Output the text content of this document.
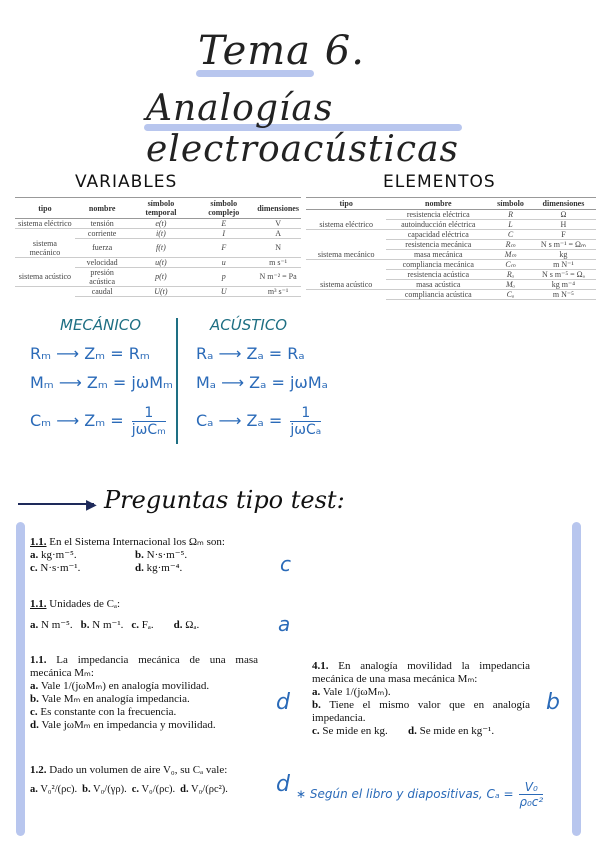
Tema 6.
Analogías electroacústicas
VARIABLES
tipo	nombre	símbolo temporal	símbolo complejo	dimensiones
sistema eléctrico	tensión	e(t)	E	V
	corriente	i(t)	I	A
sistema mecánico	fuerza	f(t)	F	N
	velocidad	u(t)	u	m s⁻¹
sistema acústico	presión acústica	p(t)	p	N m⁻² = Pa
	caudal	U(t)	U	m³ s⁻¹
ELEMENTOS
tipo	nombre	símbolo	dimensiones
	resistencia eléctrica	R	Ω
sistema eléctrico	autoinducción eléctrica	L	H
	capacidad eléctrica	C	F
	resistencia mecánica	Rₘ	N s m⁻¹ = Ωₘ
sistema mecánico	masa mecánica	Mₘ	kg
	compliancia mecánica	Cₘ	m N⁻¹
	resistencia acústica	Rₐ	N s m⁻⁵ = Ωₐ
sistema acústico	masa acústica	Mₐ	kg m⁻⁴
	compliancia acústica	Cₐ	m N⁻⁵
MECÁNICO	ACÚSTICO
Rₘ ⟶ Zₘ = Rₘ
Mₘ ⟶ Zₘ = jωMₘ
Cₘ ⟶ Zₘ =	1
jωCₘ
Rₐ ⟶ Zₐ = Rₐ
Mₐ ⟶ Zₐ = jωMₐ
Cₐ ⟶ Zₐ =	1
jωCₐ
▶ Preguntas tipo test:
1.1. En el Sistema Internacional los Ωₘ son:
a. kg·m⁻⁵.	b. N·s·m⁻⁵.
c. N·s·m⁻¹.	d. kg·m⁻⁴.	c
1.1. Unidades de Cₐ:
a. N m⁻⁵. b. N m⁻¹. c. Fₐ. d. Ωₐ.	a
1.1. La impedancia mecánica de una masa mecánica Mₘ:
a. Vale 1/(jωMₘ) en analogía movilidad.
b. Vale Mₘ en analogía impedancia.
c. Es constante con la frecuencia.
d. Vale jωMₘ en impedancia y movilidad.
d
4.1. En analogía movilidad la impedancia mecánica de una masa mecánica Mₘ:
a. Vale 1/(jωMₘ).
b. Tiene el mismo valor que en analogía impedancia.
c. Se mide en kg.	d. Se mide en kg⁻¹.
b
1.2. Dado un volumen de aire V₀, su Cₐ vale:
a. V₀²/(ρc). b. V₀/(γρ). c. V₀/(ρc). d. V₀/(ρc²). d ∗ Según el libro y diapositivas, $C_a = \frac{\text{V₀}}{\text{ρ₀c²}}$
